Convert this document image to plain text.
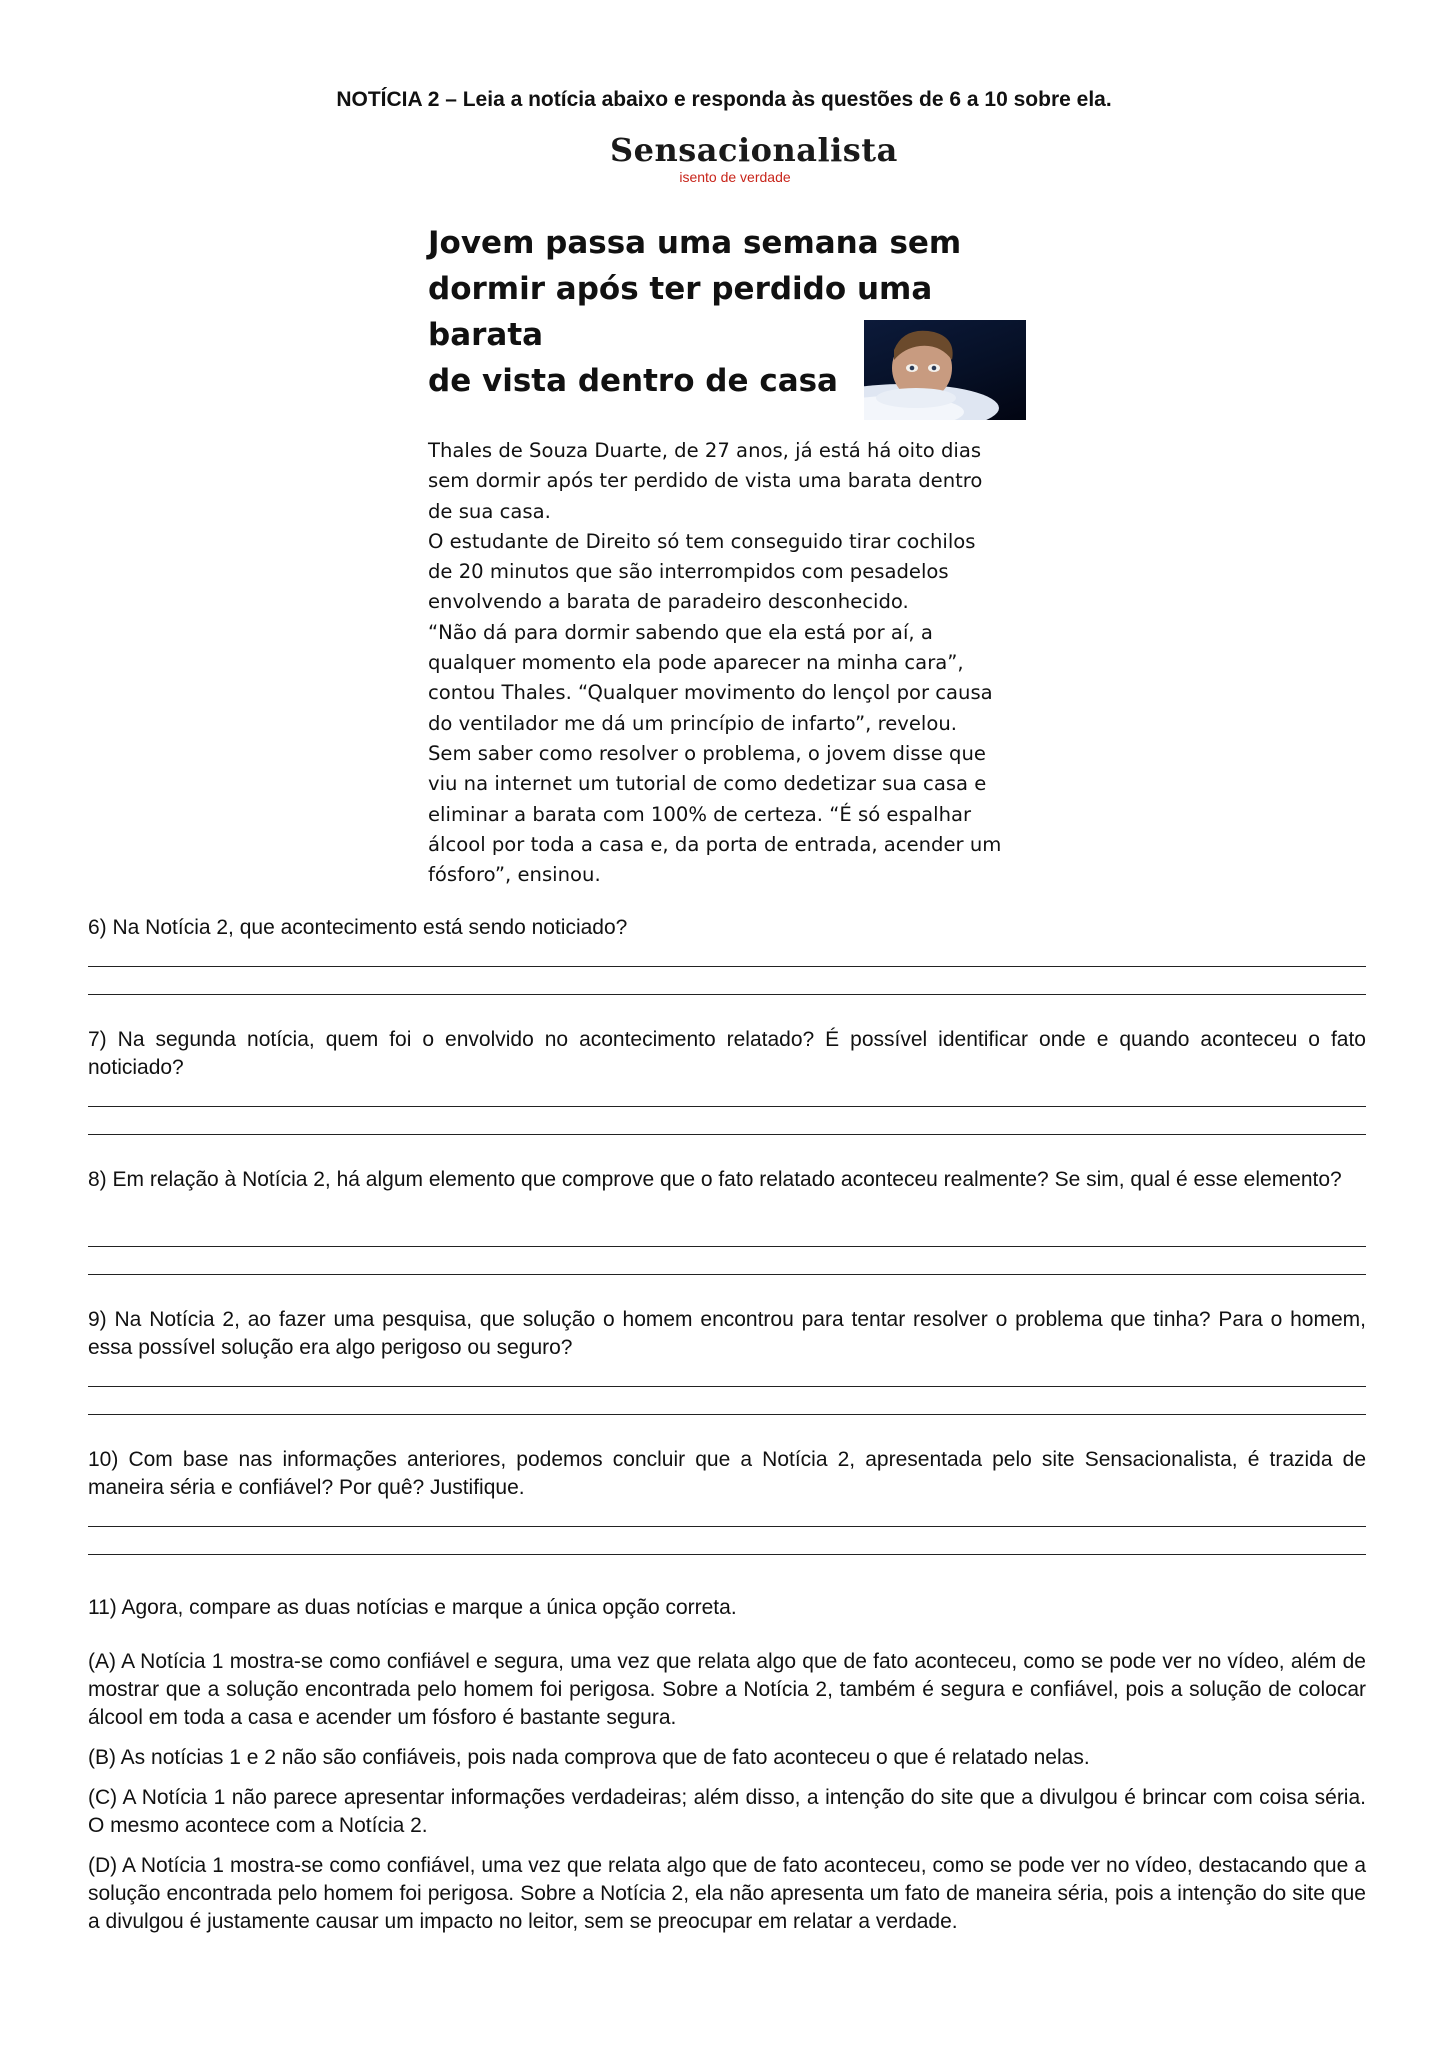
NOTÍCIA 2 – Leia a notícia abaixo e responda às questões de 6 a 10 sobre ela.
Sensacionalista
isento de verdade
Jovem passa uma semana sem
dormir após ter perdido uma barata
de vista dentro de casa

Thales de Souza Duarte, de 27 anos, já está há oito dias

sem dormir após ter perdido de vista uma barata dentro

de sua casa.

O estudante de Direito só tem conseguido tirar cochilos

de 20 minutos que são interrompidos com pesadelos

envolvendo a barata de paradeiro desconhecido.

“Não dá para dormir sabendo que ela está por aí, a

qualquer momento ela pode aparecer na minha cara”,

contou Thales. “Qualquer movimento do lençol por causa

do ventilador me dá um princípio de infarto”, revelou.

Sem saber como resolver o problema, o jovem disse que

viu na internet um tutorial de como dedetizar sua casa e

eliminar a barata com 100% de certeza. “É só espalhar

álcool por toda a casa e, da porta de entrada, acender um

fósforo”, ensinou.

6) Na Notícia 2, que acontecimento está sendo noticiado?

7) Na segunda notícia, quem foi o envolvido no acontecimento relatado? É possível identificar onde e quando aconteceu o fato noticiado?

8) Em relação à Notícia 2, há algum elemento que comprove que o fato relatado aconteceu realmente? Se sim, qual é esse elemento?

9) Na Notícia 2, ao fazer uma pesquisa, que solução o homem encontrou para tentar resolver o problema que tinha? Para o homem, essa possível solução era algo perigoso ou seguro?

10) Com base nas informações anteriores, podemos concluir que a Notícia 2, apresentada pelo site Sensacionalista, é trazida de maneira séria e confiável? Por quê? Justifique.

11) Agora, compare as duas notícias e marque a única opção correta.

(A) A Notícia 1 mostra-se como confiável e segura, uma vez que relata algo que de fato aconteceu, como se pode ver no vídeo, além de mostrar que a solução encontrada pelo homem foi perigosa. Sobre a Notícia 2, também é segura e confiável, pois a solução de colocar álcool em toda a casa e acender um fósforo é bastante segura.

(B) As notícias 1 e 2 não são confiáveis, pois nada comprova que de fato aconteceu o que é relatado nelas.

(C) A Notícia 1 não parece apresentar informações verdadeiras; além disso, a intenção do site que a divulgou é brincar com coisa séria. O mesmo acontece com a Notícia 2.

(D) A Notícia 1 mostra-se como confiável, uma vez que relata algo que de fato aconteceu, como se pode ver no vídeo, destacando que a solução encontrada pelo homem foi perigosa. Sobre a Notícia 2, ela não apresenta um fato de maneira séria, pois a intenção do site que a divulgou é justamente causar um impacto no leitor, sem se preocupar em relatar a verdade.
